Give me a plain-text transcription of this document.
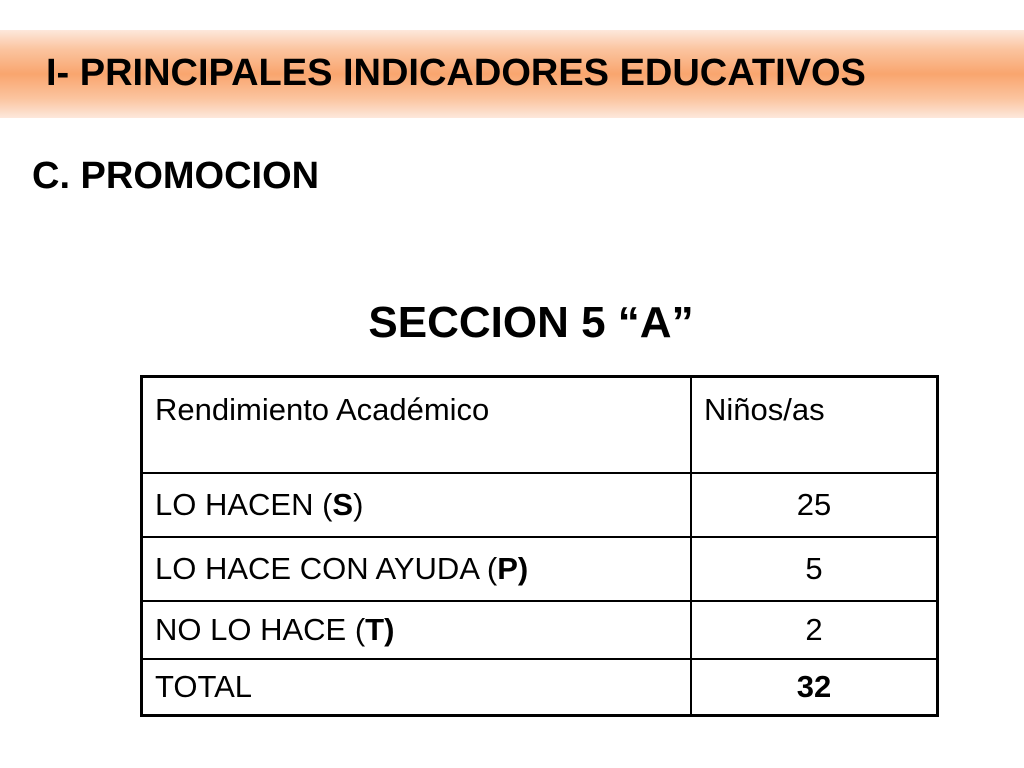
I- PRINCIPALES INDICADORES EDUCATIVOS
C. PROMOCION
SECCION 5 “A”
Rendimiento Académico	Niños/as
LO HACEN (S)	25
LO HACE CON AYUDA (P)	5
NO LO HACE (T)	2
TOTAL	32
